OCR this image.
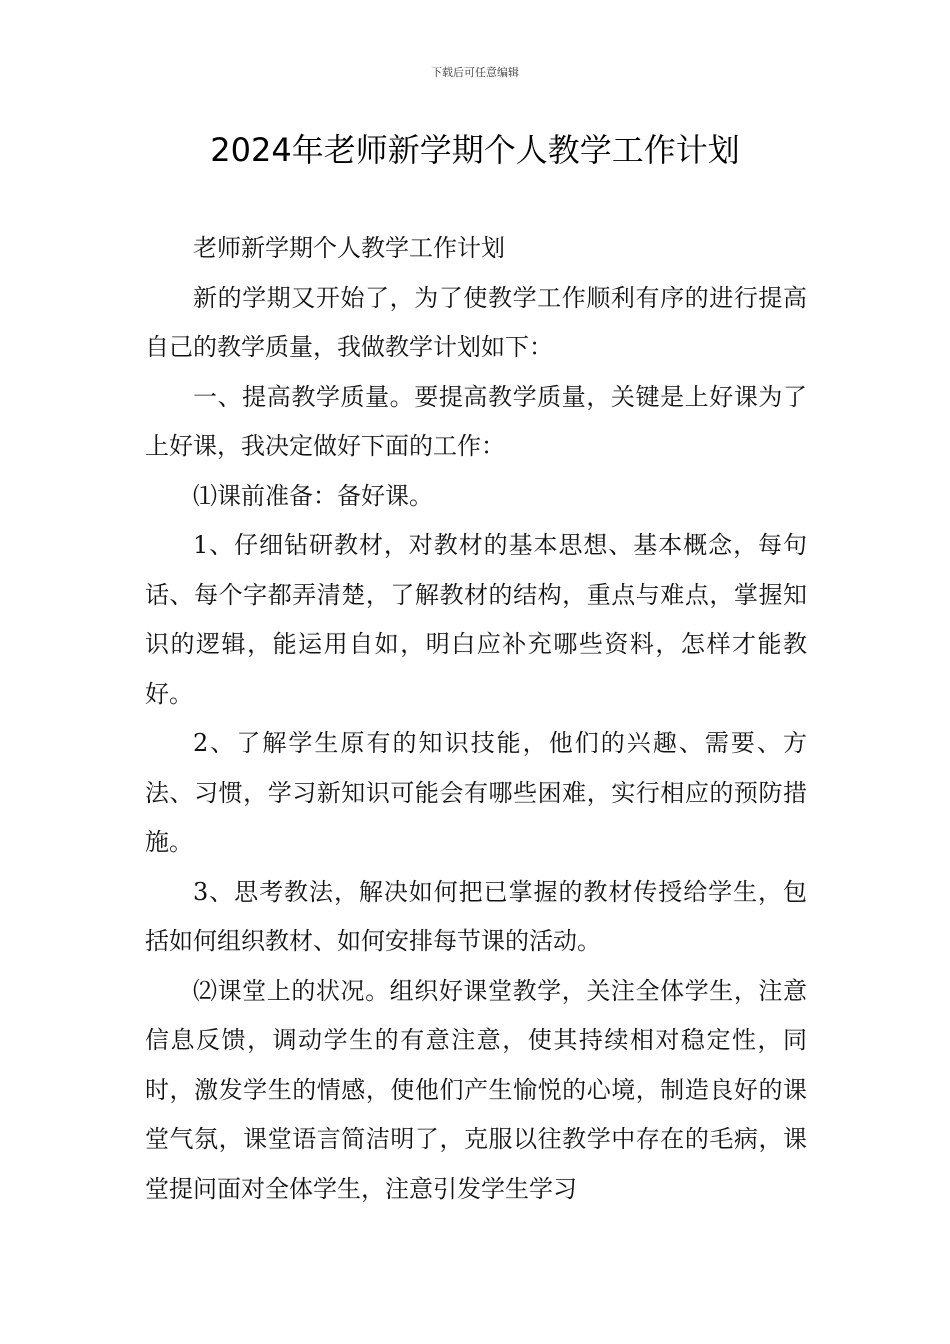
下载后可任意编辑
2024年老师新学期个人教学工作计划

老师新学期个人教学工作计划

新的学期又开始了，为了使教学工作顺利有序的进行提高自己的教学质量，我做教学计划如下：

一、提高教学质量。要提高教学质量，关键是上好课为了上好课，我决定做好下面的工作：

⑴课前准备：备好课。

1、仔细钻研教材，对教材的基本思想、基本概念，每句话、每个字都弄清楚，了解教材的结构，重点与难点，掌握知识的逻辑，能运用自如，明白应补充哪些资料，怎样才能教好。

2、了解学生原有的知识技能，他们的兴趣、需要、方法、习惯，学习新知识可能会有哪些困难，实行相应的预防措施。

3、思考教法，解决如何把已掌握的教材传授给学生，包括如何组织教材、如何安排每节课的活动。

⑵课堂上的状况。组织好课堂教学，关注全体学生，注意信息反馈，调动学生的有意注意，使其持续相对稳定性，同时，激发学生的情感，使他们产生愉悦的心境，制造良好的课堂气氛，课堂语言简洁明了，克服以往教学中存在的毛病，课堂提问面对全体学生，注意引发学生学习
